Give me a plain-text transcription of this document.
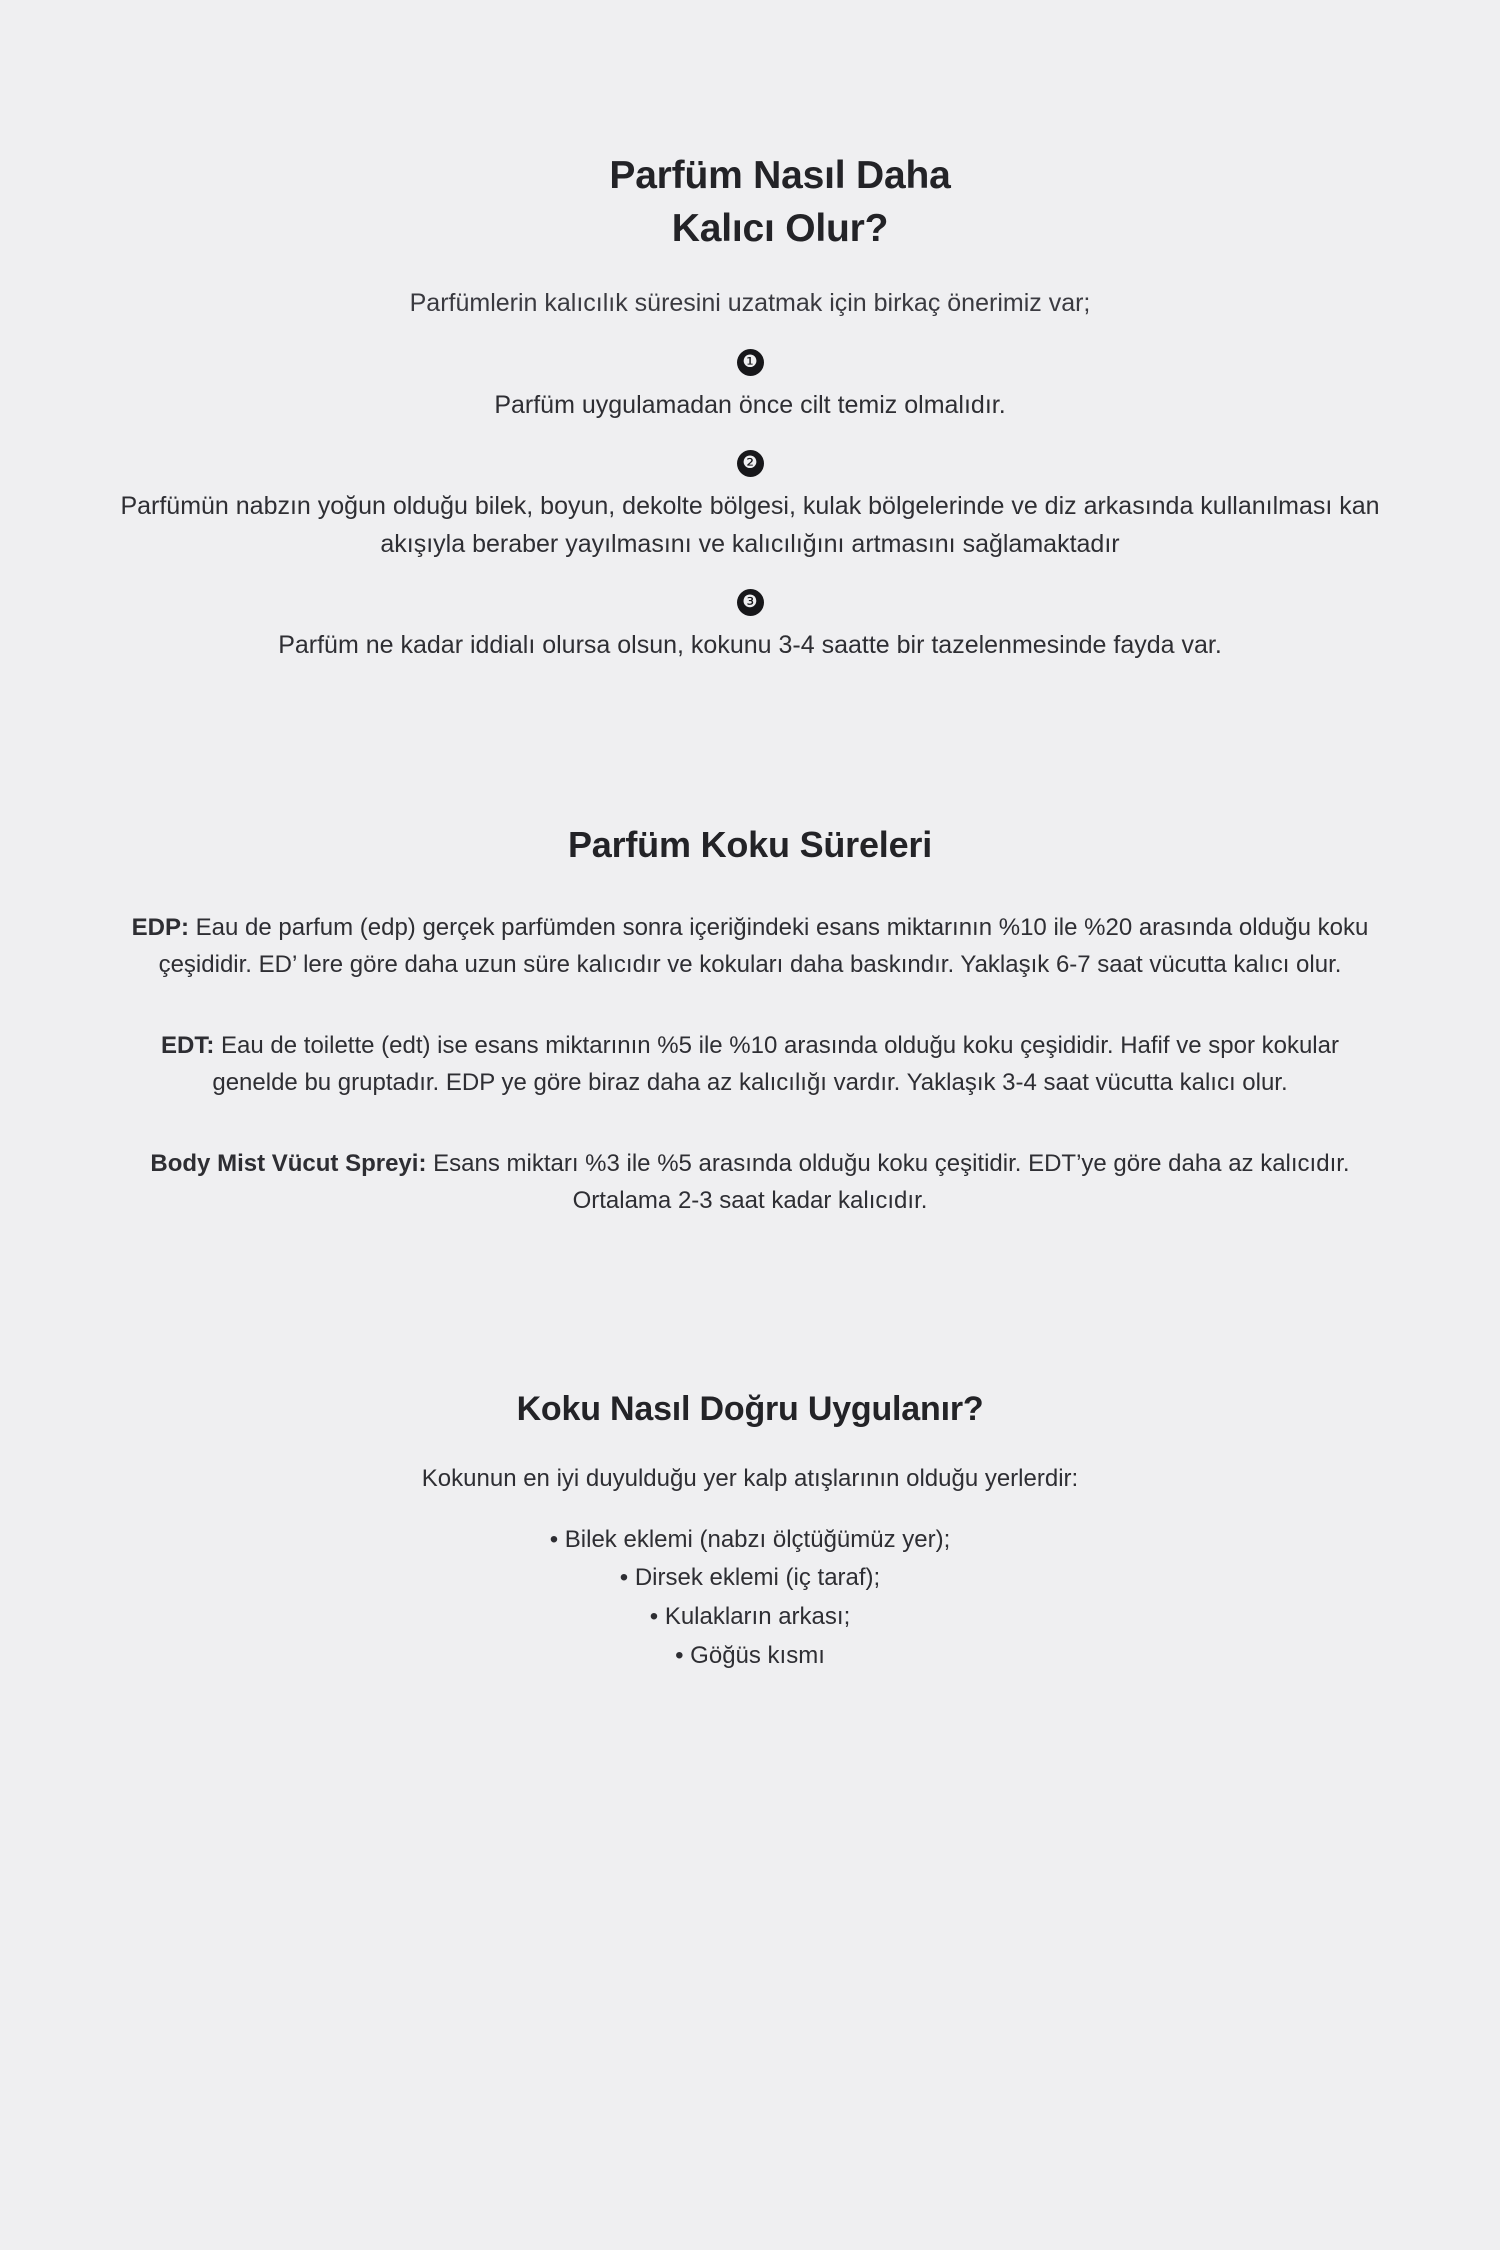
Parfüm Nasıl Daha
Kalıcı Olur?

Parfümlerin kalıcılık süresini uzatmak için birkaç önerimiz var;

❶

Parfüm uygulamadan önce cilt temiz olmalıdır.

❷

Parfümün nabzın yoğun olduğu bilek, boyun, dekolte bölgesi, kulak bölgelerinde ve diz arkasında kullanılması kan akışıyla beraber yayılmasını ve kalıcılığını artmasını sağlamaktadır

❸

Parfüm ne kadar iddialı olursa olsun, kokunu 3-4 saatte bir tazelenmesinde fayda var.

Parfüm Koku Süreleri

EDP: Eau de parfum (edp) gerçek parfümden sonra içeriğindeki esans miktarının %10 ile %20 arasında olduğu koku çeşididir. ED’ lere göre daha uzun süre kalıcıdır ve kokuları daha baskındır. Yaklaşık 6-7 saat vücutta kalıcı olur.

EDT: Eau de toilette (edt) ise esans miktarının %5 ile %10 arasında olduğu koku çeşididir. Hafif ve spor kokular genelde bu gruptadır. EDP ye göre biraz daha az kalıcılığı vardır. Yaklaşık 3-4 saat vücutta kalıcı olur.

Body Mist Vücut Spreyi: Esans miktarı %3 ile %5 arasında olduğu koku çeşitidir. EDT’ye göre daha az kalıcıdır. Ortalama 2-3 saat kadar kalıcıdır.

Koku Nasıl Doğru Uygulanır?

Kokunun en iyi duyulduğu yer kalp atışlarının olduğu yerlerdir:

• Bilek eklemi (nabzı ölçtüğümüz yer);
• Dirsek eklemi (iç taraf);
• Kulakların arkası;
• Göğüs kısmı
